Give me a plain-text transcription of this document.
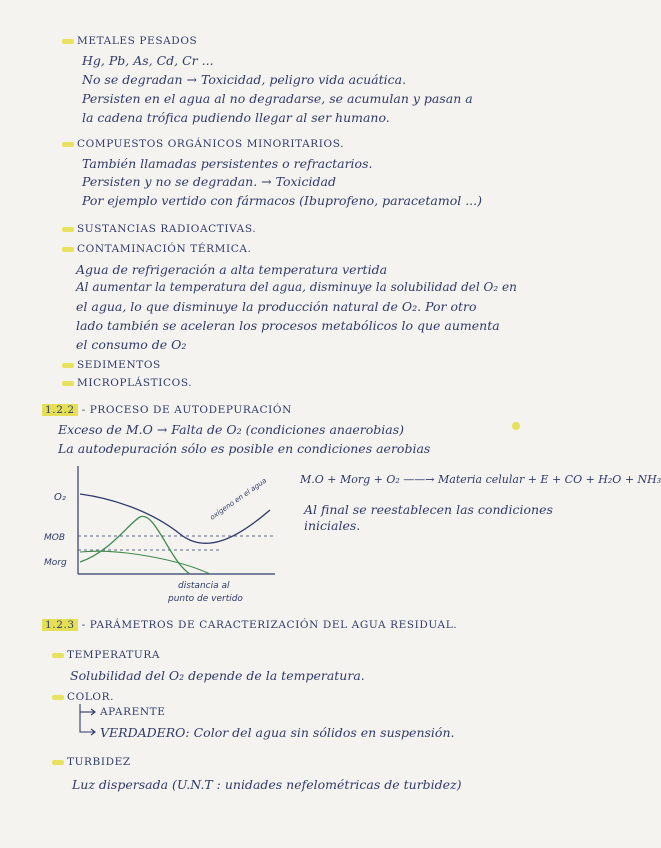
METALES PESADOS
Hg, Pb, As, Cd, Cr ...
No se degradan → Toxicidad, peligro vida acuática.
Persisten en el agua al no degradarse, se acumulan y pasan a
la cadena trófica pudiendo llegar al ser humano.
COMPUESTOS ORGÁNICOS MINORITARIOS.
También llamadas persistentes o refractarios.
Persisten y no se degradan. → Toxicidad
Por ejemplo vertido con fármacos (Ibuprofeno, paracetamol ...)
SUSTANCIAS RADIOACTIVAS.
CONTAMINACIÓN TÉRMICA.
Agua de refrigeración a alta temperatura vertida
Al aumentar la temperatura del agua, disminuye la solubilidad del O₂ en
el agua, lo que disminuye la producción natural de O₂. Por otro
lado también se aceleran los procesos metabólicos lo que aumenta
el consumo de O₂
SEDIMENTOS
MICROPLÁSTICOS.
1.2.2 - PROCESO DE AUTODEPURACIÓN
Exceso de M.O → Falta de O₂ (condiciones anaerobias)
La autodepuración sólo es posible en condiciones aerobias
O₂
MOB
Morg
oxígeno en el agua
distancia al
punto de vertido
M.O + Morg + O₂ ——→ Materia celular + E + CO + H₂O + NH₃
Al final se reestablecen las condiciones
iniciales.
1.2.3 - PARÁMETROS DE CARACTERIZACIÓN DEL AGUA RESIDUAL.
TEMPERATURA
Solubilidad del O₂ depende de la temperatura.
COLOR.
APARENTE
VERDADERO: Color del agua sin sólidos en suspensión.
TURBIDEZ
Luz dispersada (U.N.T : unidades nefelométricas de turbidez)
